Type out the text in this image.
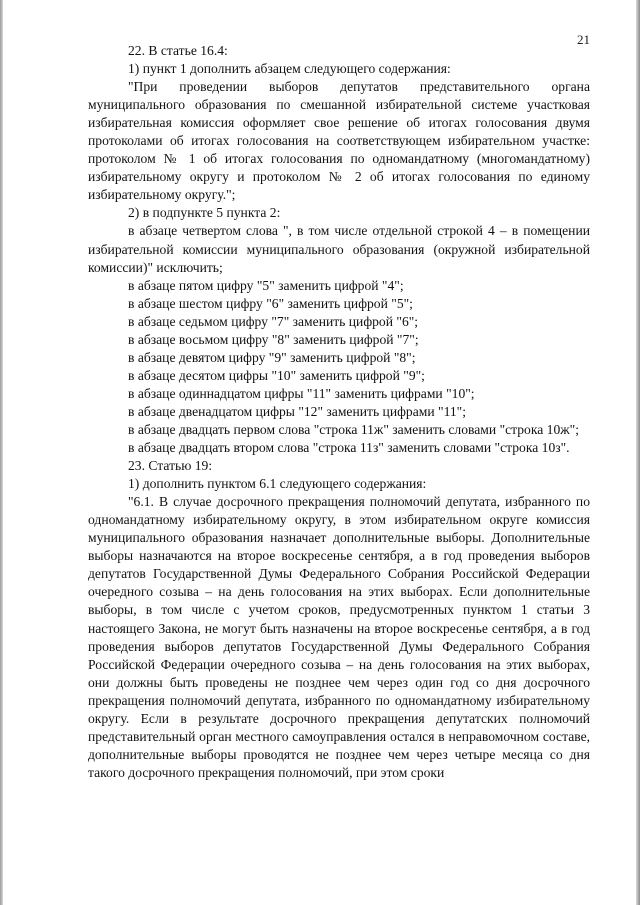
21

22. В статье 16.4:

1) пункт 1 дополнить абзацем следующего содержания:

"При проведении выборов депутатов представительного органа муниципального образования по смешанной избирательной системе участковая избирательная комиссия оформляет свое решение об итогах голосования двумя протоколами об итогах голосования на соответствующем избирательном участке: протоколом № 1 об итогах голосования по одномандатному (многомандатному) избирательному округу и протоколом № 2 об итогах голосования по единому избирательному округу.";

2) в подпункте 5 пункта 2:

в абзаце четвертом слова ", в том числе отдельной строкой 4 – в помещении избирательной комиссии муниципального образования (окружной избирательной комиссии)" исключить;

в абзаце пятом цифру "5" заменить цифрой "4";

в абзаце шестом цифру "6" заменить цифрой "5";

в абзаце седьмом цифру "7" заменить цифрой "6";

в абзаце восьмом цифру "8" заменить цифрой "7";

в абзаце девятом цифру "9" заменить цифрой "8";

в абзаце десятом цифры "10" заменить цифрой "9";

в абзаце одиннадцатом цифры "11" заменить цифрами "10";

в абзаце двенадцатом цифры "12" заменить цифрами "11";

в абзаце двадцать первом слова "строка 11ж" заменить словами "строка 10ж";

в абзаце двадцать втором слова "строка 11з" заменить словами "строка 10з".

23. Статью 19:

1) дополнить пунктом 6.1 следующего содержания:

"6.1. В случае досрочного прекращения полномочий депутата, избранного по одномандатному избирательному округу, в этом избирательном округе комиссия муниципального образования назначает дополнительные выборы. Дополнительные выборы назначаются на второе воскресенье сентября, а в год проведения выборов депутатов Государственной Думы Федерального Собрания Российской Федерации очередного созыва – на день голосования на этих выборах. Если дополнительные выборы, в том числе с учетом сроков, предусмотренных пунктом 1 статьи 3 настоящего Закона, не могут быть назначены на второе воскресенье сентября, а в год проведения выборов депутатов Государственной Думы Федерального Собрания Российской Федерации очередного созыва – на день голосования на этих выборах, они должны быть проведены не позднее чем через один год со дня досрочного прекращения полномочий депутата, избранного по одномандатному избирательному округу. Если в результате досрочного прекращения депутатских полномочий представительный орган местного самоуправления остался в неправомочном составе, дополнительные выборы проводятся не позднее чем через четыре месяца со дня такого досрочного прекращения полномочий, при этом сроки
